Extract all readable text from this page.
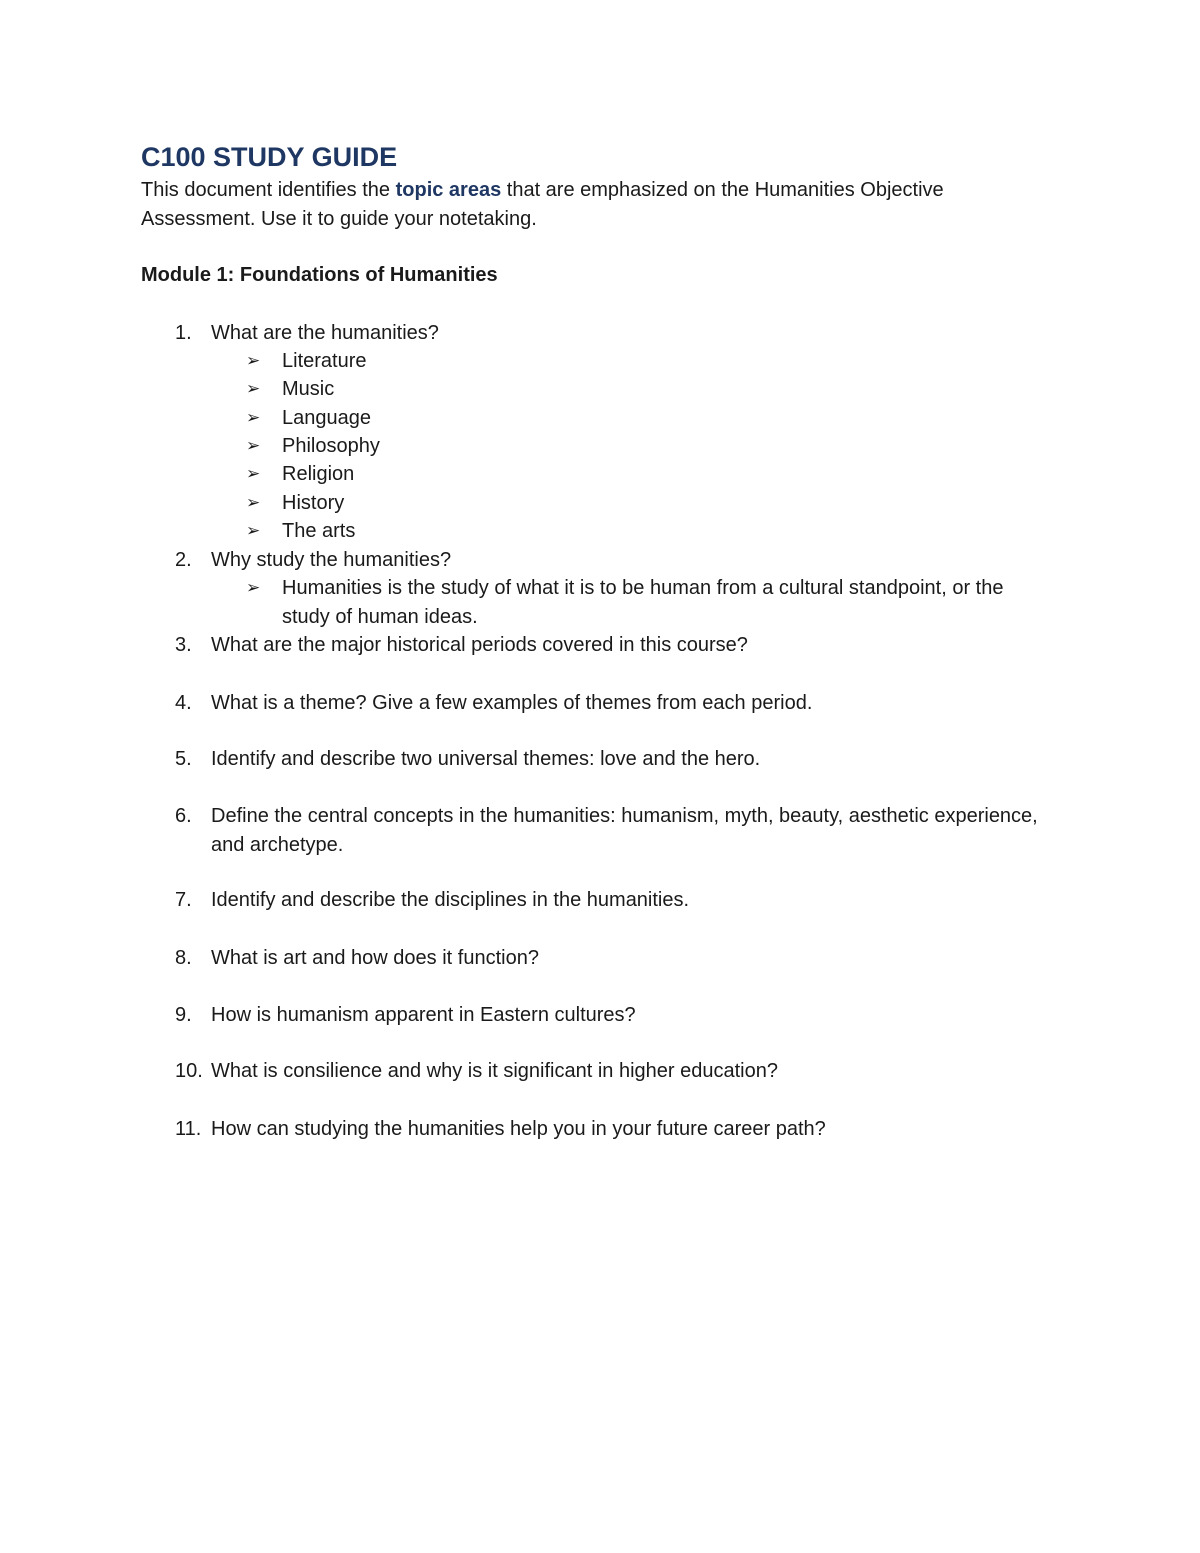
C100 STUDY GUIDE

This document identifies the topic areas that are emphasized on the Humanities Objective Assessment. Use it to guide your notetaking.

Module 1: Foundations of Humanities
1. What are the humanities?
➢ Literature
➢ Music
➢ Language
➢ Philosophy
➢ Religion
➢ History
➢ The arts
2. Why study the humanities?
➢ Humanities is the study of what it is to be human from a cultural standpoint, or the study of human ideas.
3. What are the major historical periods covered in this course?
4. What is a theme? Give a few examples of themes from each period.
5. Identify and describe two universal themes: love and the hero.
6. Define the central concepts in the humanities: humanism, myth, beauty, aesthetic experience, and archetype.
7. Identify and describe the disciplines in the humanities.
8. What is art and how does it function?
9. How is humanism apparent in Eastern cultures?
10. What is consilience and why is it significant in higher education?
11. How can studying the humanities help you in your future career path?
